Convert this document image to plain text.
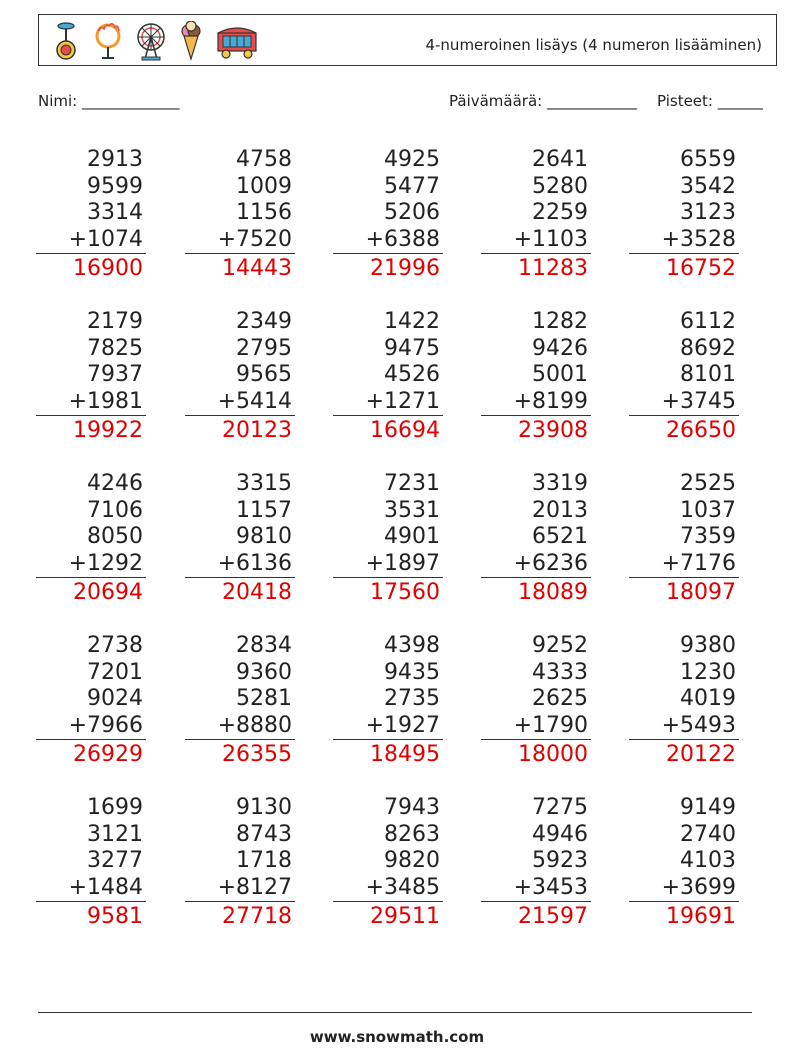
4-numeroinen lisäys (4 numeron lisääminen)
Nimi: _____________	Päivämäärä: ____________ Pisteet: ______
2913
9599
3314
+1074
16900
4758
1009
1156
+7520
14443
4925
5477
5206
+6388
21996
2641
5280
2259
+1103
11283
6559
3542
3123
+3528
16752
2179
7825
7937
+1981
19922
2349
2795
9565
+5414
20123
1422
9475
4526
+1271
16694
1282
9426
5001
+8199
23908
6112
8692
8101
+3745
26650
4246
7106
8050
+1292
20694
3315
1157
9810
+6136
20418
7231
3531
4901
+1897
17560
3319
2013
6521
+6236
18089
2525
1037
7359
+7176
18097
2738
7201
9024
+7966
26929
2834
9360
5281
+8880
26355
4398
9435
2735
+1927
18495
9252
4333
2625
+1790
18000
9380
1230
4019
+5493
20122
1699
3121
3277
+1484
9581
9130
8743
1718
+8127
27718
7943
8263
9820
+3485
29511
7275
4946
5923
+3453
21597
9149
2740
4103
+3699
19691
www.snowmath.com
